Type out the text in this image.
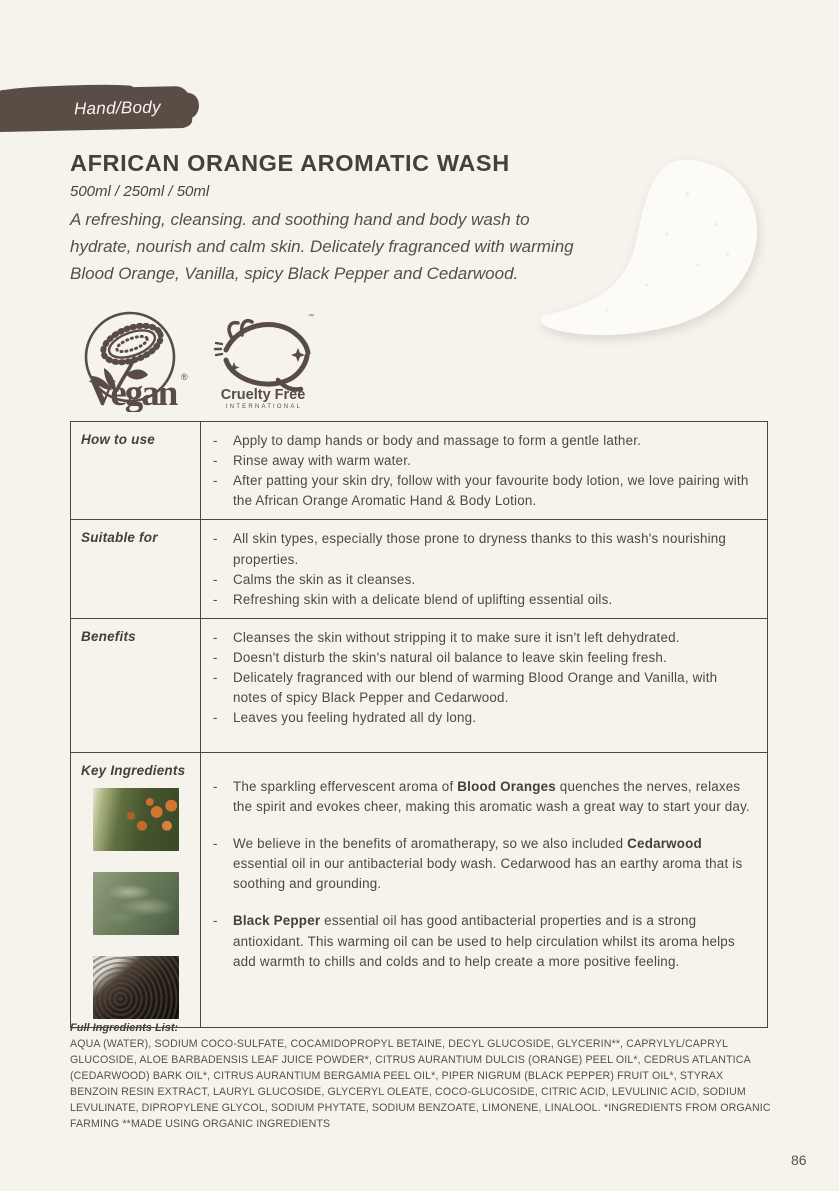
Hand/Body
AFRICAN ORANGE AROMATIC WASH
500ml / 250ml / 50ml

A refreshing, cleansing. and soothing hand and body wash to hydrate, nourish and calm skin. Delicately fragranced with warming Blood Orange, Vanilla, spicy Black Pepper and Cedarwood.

Vegan ®
Cruelty Free
INTERNATIONAL
™
How to use	-	Apply to damp hands or body and massage to form a gentle lather.
-	Rinse away with warm water.
-	After patting your skin dry, follow with your favourite body lotion, we love pairing with the African Orange Aromatic Hand & Body Lotion.
Suitable for	-	All skin types, especially those prone to dryness thanks to this wash's nourishing properties.
-	Calms the skin as it cleanses.
-	Refreshing skin with a delicate blend of uplifting essential oils.
Benefits	-	Cleanses the skin without stripping it to make sure it isn't left dehydrated.
-	Doesn't disturb the skin's natural oil balance to leave skin feeling fresh.
-	Delicately fragranced with our blend of warming Blood Orange and Vanilla, with notes of spicy Black Pepper and Cedarwood.
-	Leaves you feeling hydrated all dy long.
Key Ingredients
-	The sparkling effervescent aroma of Blood Oranges quenches the nerves, relaxes the spirit and evokes cheer, making this aromatic wash a great way to start your day.
-	We believe in the benefits of aromatherapy, so we also included Cedarwood essential oil in our antibacterial body wash. Cedarwood has an earthy aroma that is soothing and grounding.
-	Black Pepper essential oil has good antibacterial properties and is a strong antioxidant. This warming oil can be used to help circulation whilst its aroma helps add warmth to chills and colds and to help create a more positive feeling.
Full Ingredients List:
AQUA (WATER), SODIUM COCO-SULFATE, COCAMIDOPROPYL BETAINE, DECYL GLUCOSIDE, GLYCERIN**, CAPRYLYL/CAPRYL GLUCOSIDE, ALOE BARBADENSIS LEAF JUICE POWDER*, CITRUS AURANTIUM DULCIS (ORANGE) PEEL OIL*, CEDRUS ATLANTICA (CEDARWOOD) BARK OIL*, CITRUS AURANTIUM BERGAMIA PEEL OIL*, PIPER NIGRUM (BLACK PEPPER) FRUIT OIL*, STYRAX BENZOIN RESIN EXTRACT, LAURYL GLUCOSIDE, GLYCERYL OLEATE, COCO-GLUCOSIDE, CITRIC ACID, LEVULINIC ACID, SODIUM LEVULINATE, DIPROPYLENE GLYCOL, SODIUM PHYTATE, SODIUM BENZOATE, LIMONENE, LINALOOL. *INGREDIENTS FROM ORGANIC FARMING **MADE USING ORGANIC INGREDIENTS
86
